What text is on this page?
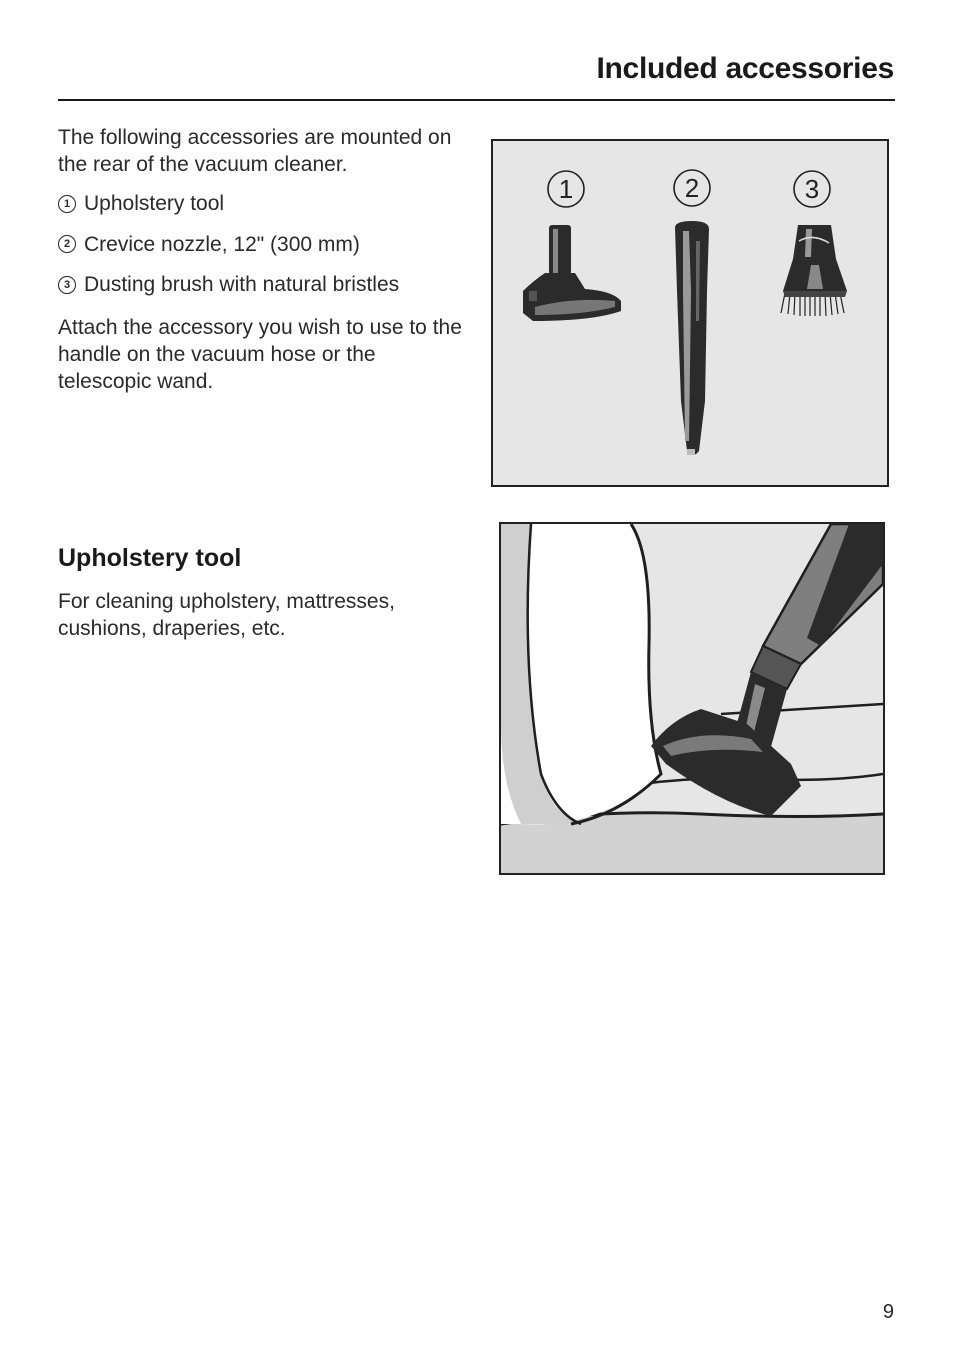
Included accessories

The following accessories are mounted on the rear of the vacuum cleaner.

1 Upholstery tool
2 Crevice nozzle, 12" (300 mm)
3 Dusting brush with natural bristles

Attach the accessory you wish to use to the handle on the vacuum hose or the telescopic wand.

1	2	3
Upholstery tool

For cleaning upholstery, mattresses, cushions, draperies, etc.

9
